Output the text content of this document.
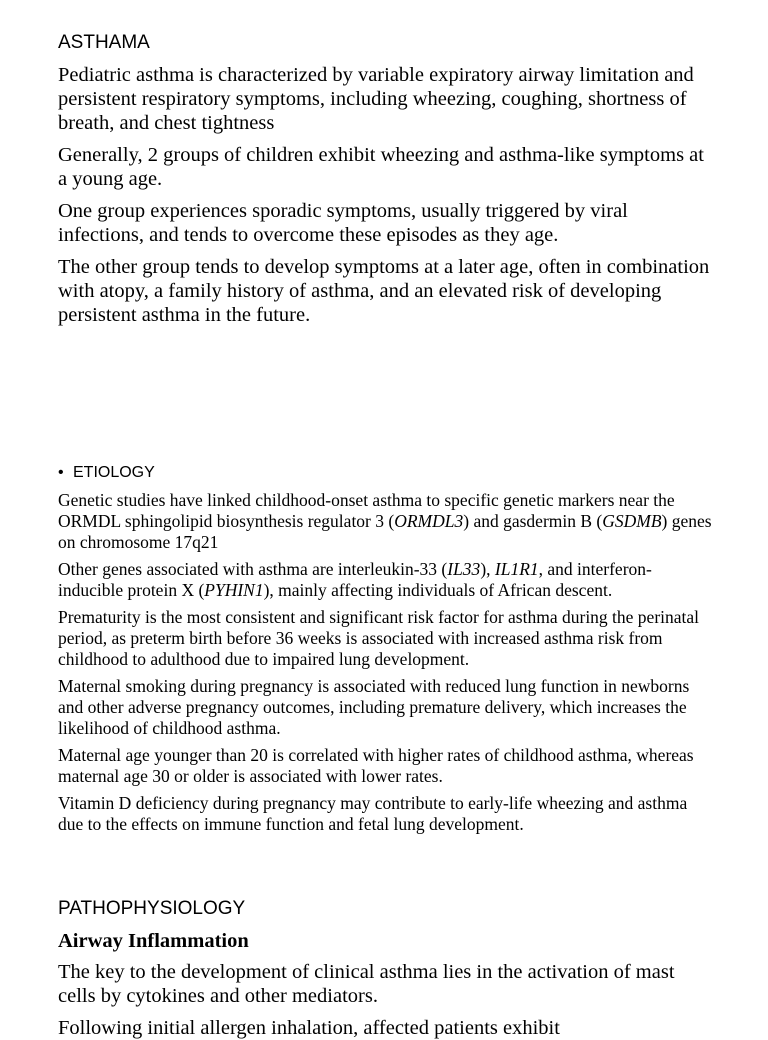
ASTHAMA

Pediatric asthma is characterized by variable expiratory airway limitation and persistent respiratory symptoms, including wheezing, coughing, shortness of breath, and chest tightness

Generally, 2 groups of children exhibit wheezing and asthma-like symptoms at a young age.

One group experiences sporadic symptoms, usually triggered by viral infections, and tends to overcome these episodes as they age.

The other group tends to develop symptoms at a later age, often in combination with atopy, a family history of asthma, and an elevated risk of developing persistent asthma in the future.

• ETIOLOGY

Genetic studies have linked childhood-onset asthma to specific genetic markers near the ORMDL sphingolipid biosynthesis regulator 3 (ORMDL3) and gasdermin B (GSDMB) genes on chromosome 17q21

Other genes associated with asthma are interleukin-33 (IL33), IL1R1, and interferon-inducible protein X (PYHIN1), mainly affecting individuals of African descent.

Prematurity is the most consistent and significant risk factor for asthma during the perinatal period, as preterm birth before 36 weeks is associated with increased asthma risk from childhood to adulthood due to impaired lung development.

Maternal smoking during pregnancy is associated with reduced lung function in newborns and other adverse pregnancy outcomes, including premature delivery, which increases the likelihood of childhood asthma.

Maternal age younger than 20 is correlated with higher rates of childhood asthma, whereas maternal age 30 or older is associated with lower rates.

Vitamin D deficiency during pregnancy may contribute to early-life wheezing and asthma due to the effects on immune function and fetal lung development.

PATHOPHYSIOLOGY
Airway Inflammation

The key to the development of clinical asthma lies in the activation of mast cells by cytokines and other mediators.

Following initial allergen inhalation, affected patients exhibit
